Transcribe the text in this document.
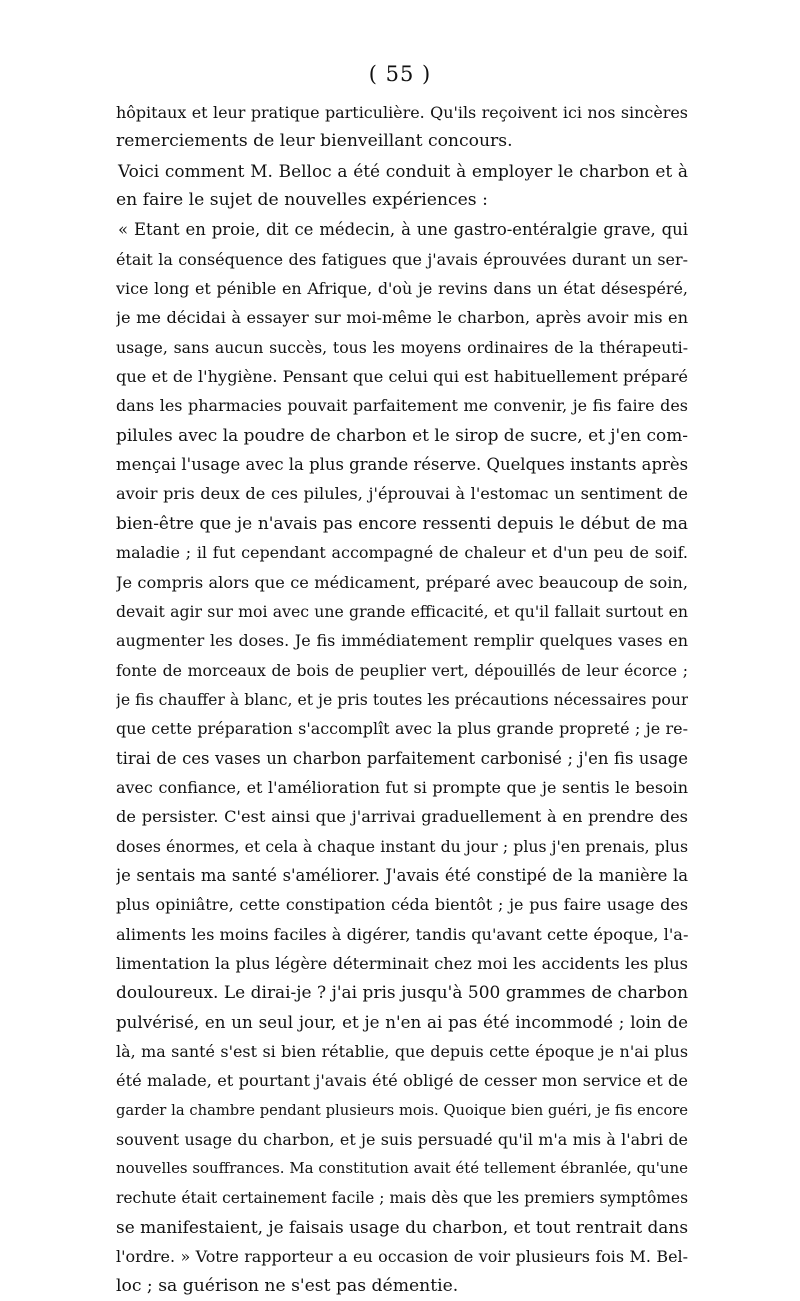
( 55 )
hôpitaux et leur pratique particulière. Qu'ils reçoivent ici nos sincères
remerciements de leur bienveillant concours.
Voici comment M. Belloc a été conduit à employer le charbon et à
en faire le sujet de nouvelles expériences :
« Etant en proie, dit ce médecin, à une gastro-entéralgie grave, qui
était la conséquence des fatigues que j'avais éprouvées durant un ser-
vice long et pénible en Afrique, d'où je revins dans un état désespéré,
je me décidai à essayer sur moi-même le charbon, après avoir mis en
usage, sans aucun succès, tous les moyens ordinaires de la thérapeuti-
que et de l'hygiène. Pensant que celui qui est habituellement préparé
dans les pharmacies pouvait parfaitement me convenir, je fis faire des
pilules avec la poudre de charbon et le sirop de sucre, et j'en com-
mençai l'usage avec la plus grande réserve. Quelques instants après
avoir pris deux de ces pilules, j'éprouvai à l'estomac un sentiment de
bien-être que je n'avais pas encore ressenti depuis le début de ma
maladie ; il fut cependant accompagné de chaleur et d'un peu de soif.
Je compris alors que ce médicament, préparé avec beaucoup de soin,
devait agir sur moi avec une grande efficacité, et qu'il fallait surtout en
augmenter les doses. Je fis immédiatement remplir quelques vases en
fonte de morceaux de bois de peuplier vert, dépouillés de leur écorce ;
je fis chauffer à blanc, et je pris toutes les précautions nécessaires pour
que cette préparation s'accomplît avec la plus grande propreté ; je re-
tirai de ces vases un charbon parfaitement carbonisé ; j'en fis usage
avec confiance, et l'amélioration fut si prompte que je sentis le besoin
de persister. C'est ainsi que j'arrivai graduellement à en prendre des
doses énormes, et cela à chaque instant du jour ; plus j'en prenais, plus
je sentais ma santé s'améliorer. J'avais été constipé de la manière la
plus opiniâtre, cette constipation céda bientôt ; je pus faire usage des
aliments les moins faciles à digérer, tandis qu'avant cette époque, l'a-
limentation la plus légère déterminait chez moi les accidents les plus
douloureux. Le dirai-je ? j'ai pris jusqu'à 500 grammes de charbon
pulvérisé, en un seul jour, et je n'en ai pas été incommodé ; loin de
là, ma santé s'est si bien rétablie, que depuis cette époque je n'ai plus
été malade, et pourtant j'avais été obligé de cesser mon service et de
garder la chambre pendant plusieurs mois. Quoique bien guéri, je fis encore
souvent usage du charbon, et je suis persuadé qu'il m'a mis à l'abri de
nouvelles souffrances. Ma constitution avait été tellement ébranlée, qu'une
rechute était certainement facile ; mais dès que les premiers symptômes
se manifestaient, je faisais usage du charbon, et tout rentrait dans
l'ordre. » Votre rapporteur a eu occasion de voir plusieurs fois M. Bel-
loc ; sa guérison ne s'est pas démentie.
